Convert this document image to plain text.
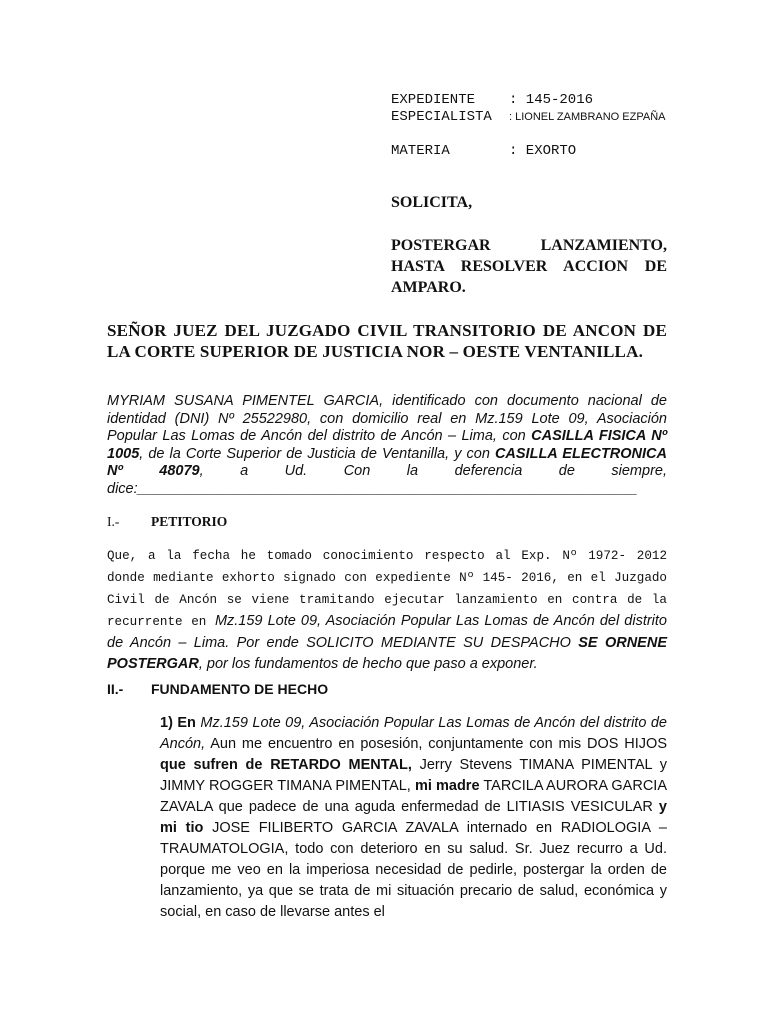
EXPEDIENTE : 145-2016
ESPECIALISTA : LIONEL ZAMBRANO EZPAÑA
MATERIA	: EXORTO
SOLICITA,
POSTERGAR LANZAMIENTO, HASTA RESOLVER ACCION DE AMPARO.
SEÑOR JUEZ DEL JUZGADO CIVIL TRANSITORIO DE ANCON DE LA CORTE SUPERIOR DE JUSTICIA NOR – OESTE VENTANILLA.
MYRIAM SUSANA PIMENTEL GARCIA, identificado con documento nacional de identidad (DNI) Nº 25522980, con domicilio real en Mz.159 Lote 09, Asociación Popular Las Lomas de Ancón del distrito de Ancón – Lima, con CASILLA FISICA Nº 1005, de la Corte Superior de Justicia de Ventanilla, y con CASILLA ELECTRONICA Nº 48079, a Ud. Con la deferencia de siempre, dice:______________________________________________________________
I.- PETITORIO
Que, a la fecha he tomado conocimiento respecto al Exp. Nº 1972- 2012 donde mediante exhorto signado con expediente Nº 145- 2016, en el Juzgado Civil de Ancón se viene tramitando ejecutar lanzamiento en contra de la recurrente en Mz.159 Lote 09, Asociación Popular Las Lomas de Ancón del distrito de Ancón – Lima. Por ende SOLICITO MEDIANTE SU DESPACHO SE ORNENE POSTERGAR, por los fundamentos de hecho que paso a exponer.
II.- FUNDAMENTO DE HECHO
1) En Mz.159 Lote 09, Asociación Popular Las Lomas de Ancón del distrito de Ancón, Aun me encuentro en posesión, conjuntamente con mis DOS HIJOS que sufren de RETARDO MENTAL, Jerry Stevens TIMANA PIMENTAL y JIMMY ROGGER TIMANA PIMENTAL, mi madre TARCILA AURORA GARCIA ZAVALA que padece de una aguda enfermedad de LITIASIS VESICULAR y mi tio JOSE FILIBERTO GARCIA ZAVALA internado en RADIOLOGIA – TRAUMATOLOGIA, todo con deterioro en su salud. Sr. Juez recurro a Ud. porque me veo en la imperiosa necesidad de pedirle, postergar la orden de lanzamiento, ya que se trata de mi situación precario de salud, económica y social, en caso de llevarse antes el
